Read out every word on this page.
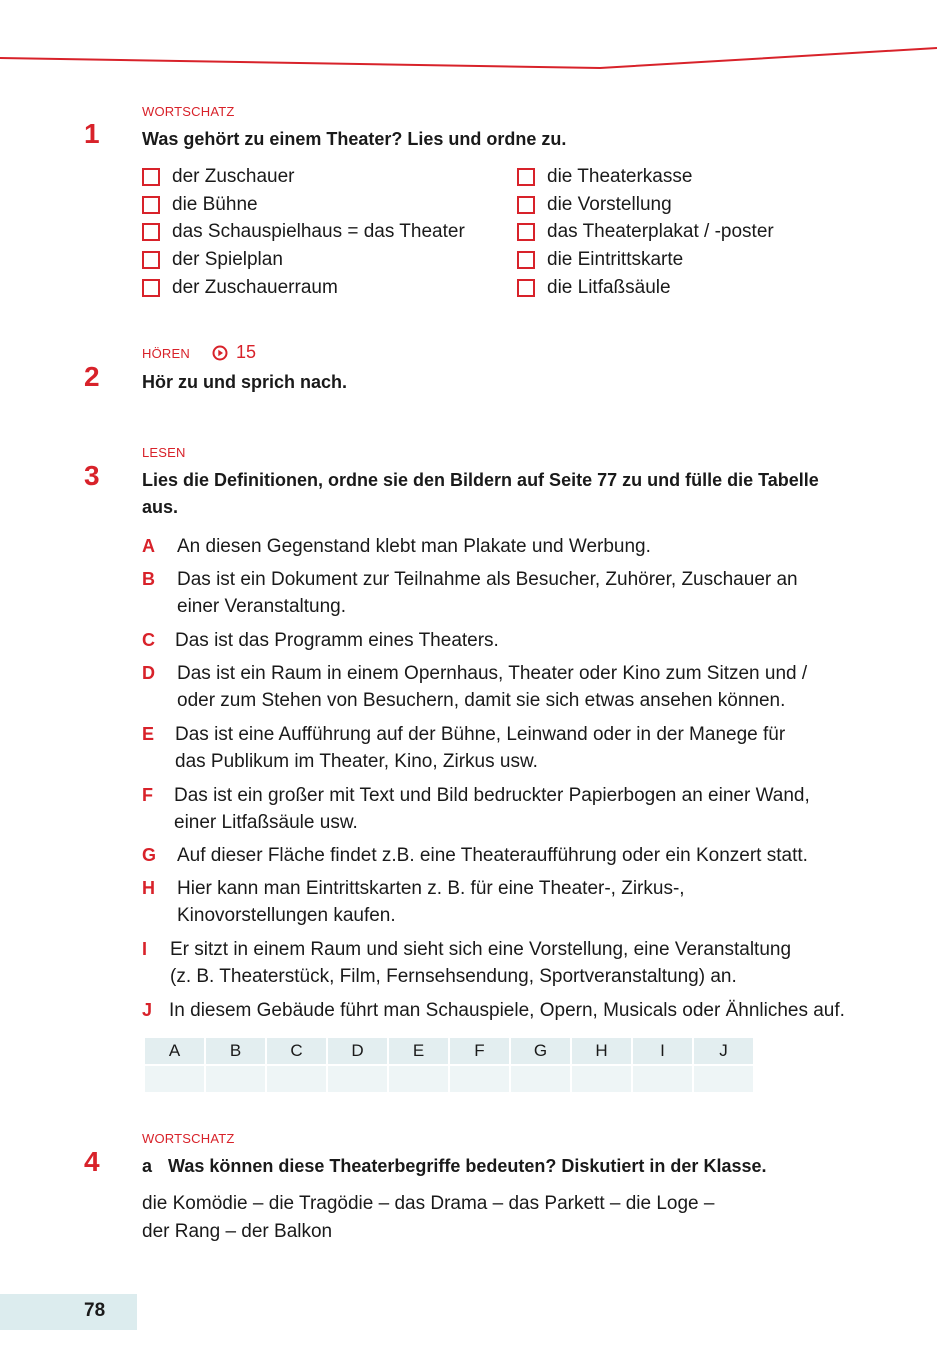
WORTSCHATZ
1 Was gehört zu einem Theater? Lies und ordne zu.
der Zuschauer
die Bühne
das Schauspielhaus = das Theater
der Spielplan
der Zuschauerraum
die Theaterkasse
die Vorstellung
das Theaterplakat / -poster
die Eintrittskarte
die Litfaßsäule
HÖREN	15
2 Hör zu und sprich nach.
LESEN
3 Lies die Definitionen, ordne sie den Bildern auf Seite 77 zu und fülle die Tabelle
aus.
A	An diesen Gegenstand klebt man Plakate und Werbung.
B	Das ist ein Dokument zur Teilnahme als Besucher, Zuhörer, Zuschauer an
einer Veranstaltung.
C	Das ist das Programm eines Theaters.
D	Das ist ein Raum in einem Opernhaus, Theater oder Kino zum Sitzen und /
oder zum Stehen von Besuchern, damit sie sich etwas ansehen können.
E	Das ist eine Aufführung auf der Bühne, Leinwand oder in der Manege für
das Publikum im Theater, Kino, Zirkus usw.
F	Das ist ein großer mit Text und Bild bedruckter Papierbogen an einer Wand,
einer Litfaßsäule usw.
G	Auf dieser Fläche findet z.B. eine Theateraufführung oder ein Konzert statt.
H	Hier kann man Eintrittskarten z. B. für eine Theater-, Zirkus-,
Kinovorstellungen kaufen.
I	Er sitzt in einem Raum und sieht sich eine Vorstellung, eine Veranstaltung
(z. B. Theaterstück, Film, Fernsehsendung, Sportveranstaltung) an.
J In diesem Gebäude führt man Schauspiele, Opern, Musicals oder Ähnliches auf.
A	B	C	D	E	F	G	H	I	J

WORTSCHATZ
4 a Was können diese Theaterbegriffe bedeuten? Diskutiert in der Klasse.
die Komödie – die Tragödie – das Drama – das Parkett – die Loge –
der Rang – der Balkon
78
